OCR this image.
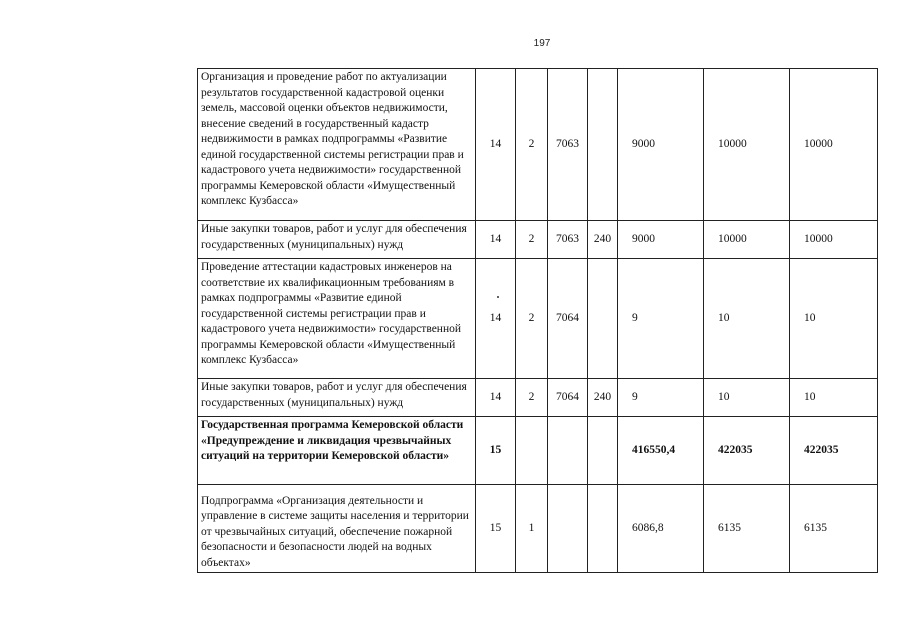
197
Организация и проведение работ по актуализации результатов государственной кадастровой оценки земель, массовой оценки объектов недвижимости, внесение сведений в государственный кадастр недвижимости в рамках подпрограммы «Развитие единой государственной системы регистрации прав и кадастрового учета недвижимости» государственной программы Кемеровской области «Имущественный комплекс Кузбасса»	14	2	7063		9000	10000	10000
Иные закупки товаров, работ и услуг для обеспечения государственных (муниципальных) нужд	14	2	7063	240	9000	10000	10000
Проведение аттестации кадастровых инженеров на соответствие их квалификационным требованиям в рамках подпрограммы «Развитие единой государственной системы регистрации прав и кадастрового учета недвижимости» государственной программы Кемеровской области «Имущественный комплекс Кузбасса»	14	2	7064		9	10	10
Иные закупки товаров, работ и услуг для обеспечения государственных (муниципальных) нужд	14	2	7064	240	9	10	10
Государственная программа Кемеровской области «Предупреждение и ликвидация чрезвычайных ситуаций на территории Кемеровской области»	15				416550,4	422035	422035
Подпрограмма «Организация деятельности и управление в системе защиты населения и территории от чрезвычайных ситуаций, обеспечение пожарной безопасности и безопасности людей на водных объектах»	15	1			6086,8	6135	6135
